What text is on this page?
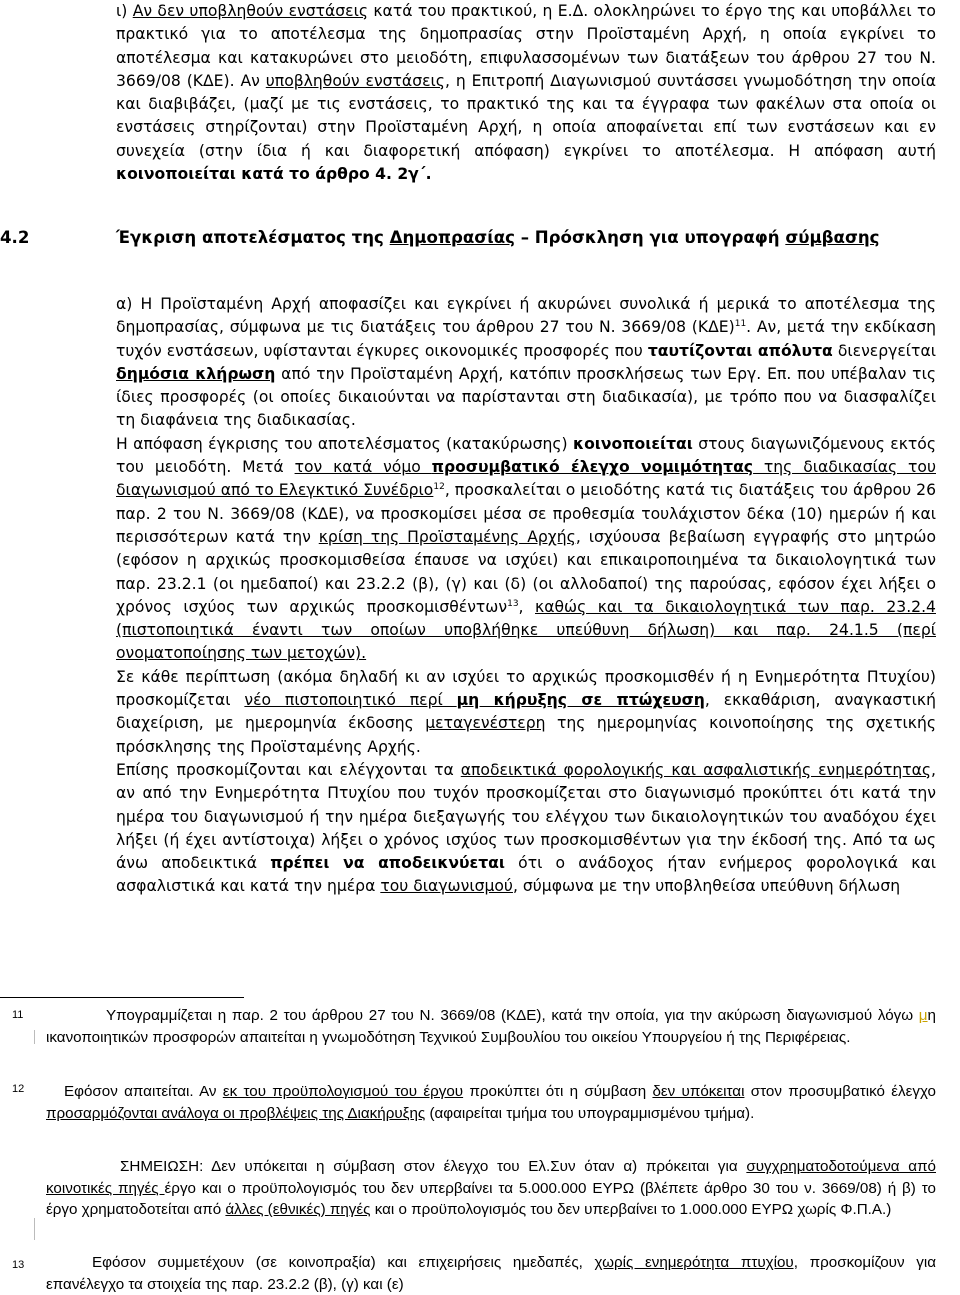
ι) Αν δεν υποβληθούν ενστάσεις κατά του πρακτικού, η Ε.Δ. ολοκληρώνει το έργο της και υποβάλλει το πρακτικό για το αποτέλεσμα της δημοπρασίας στην Προϊσταμένη Αρχή, η οποία εγκρίνει το αποτέλεσμα και κατακυρώνει στο μειοδότη, επιφυλασσομένων των διατάξεων του άρθρου 27 του Ν. 3669/08 (ΚΔΕ). Αν υποβληθούν ενστάσεις, η Επιτροπή Διαγωνισμού συντάσσει γνωμοδότηση την οποία και διαβιβάζει, (μαζί με τις ενστάσεις, το πρακτικό της και τα έγγραφα των φακέλων στα οποία οι ενστάσεις στηρίζονται) στην Προϊσταμένη Αρχή, η οποία αποφαίνεται επί των ενστάσεων και εν συνεχεία (στην ίδια ή και διαφορετική απόφαση) εγκρίνει το αποτέλεσμα. Η απόφαση αυτή κοινοποιείται κατά το άρθρο 4. 2γ΄.

4.2	Έγκριση αποτελέσματος της Δημοπρασίας – Πρόσκληση για υπογραφή σύμβασης

α) Η Προϊσταμένη Αρχή αποφασίζει και εγκρίνει ή ακυρώνει συνολικά ή μερικά το αποτέλεσμα της δημοπρασίας, σύμφωνα με τις διατάξεις του άρθρου 27 του Ν. 3669/08 $(K\Delta E)^{11}$. Αν, μετά την εκδίκαση τυχόν ενστάσεων, υφίστανται έγκυρες οικονομικές προσφορές που ταυτίζονται απόλυτα διενεργείται δημόσια κλήρωση από την Προϊσταμένη Αρχή, κατόπιν προσκλήσεως των Εργ. Επ. που υπέβαλαν τις ίδιες προσφορές (οι οποίες δικαιούνται να παρίστανται στη διαδικασία), με τρόπο που να διασφαλίζει τη διαφάνεια της διαδικασίας.

Η απόφαση έγκρισης του αποτελέσματος (κατακύρωσης) κοινοποιείται στους διαγωνιζόμενους εκτός του μειοδότη. Μετά τον κατά νόμο προσυμβατικό έλεγχο νομιμότητας της διαδικασίας του διαγωνισμού από το Ελεγκτικό Συνέδριο$^{12}$, προσκαλείται ο μειοδότης κατά τις διατάξεις του άρθρου 26 παρ. 2 του Ν. 3669/08 (ΚΔΕ), να προσκομίσει μέσα σε προθεσμία τουλάχιστον δέκα (10) ημερών ή και περισσότερων κατά την κρίση της Προϊσταμένης Αρχής, ισχύουσα βεβαίωση εγγραφής στο μητρώο (εφόσον η αρχικώς προσκομισθείσα έπαυσε να ισχύει) και επικαιροποιημένα τα δικαιολογητικά των παρ. 23.2.1 (οι ημεδαποί) και 23.2.2 (β), (γ) και (δ) (οι αλλοδαποί) της παρούσας, εφόσον έχει λήξει ο χρόνος ισχύος των αρχικώς προσκομισθέντων$^{13}$, καθώς και τα δικαιολογητικά των παρ. 23.2.4 (πιστοποιητικά έναντι των οποίων υποβλήθηκε υπεύθυνη δήλωση) και παρ. 24.1.5 (περί ονοματοποίησης των μετοχών).

Σε κάθε περίπτωση (ακόμα δηλαδή κι αν ισχύει το αρχικώς προσκομισθέν ή η Ενημερότητα Πτυχίου) προσκομίζεται νέο πιστοποιητικό περί μη κήρυξης σε πτώχευση, εκκαθάριση, αναγκαστική διαχείριση, με ημερομηνία έκδοσης μεταγενέστερη της ημερομηνίας κοινοποίησης της σχετικής πρόσκλησης της Προϊσταμένης Αρχής.

Επίσης προσκομίζονται και ελέγχονται τα αποδεικτικά φορολογικής και ασφαλιστικής ενημερότητας, αν από την Ενημερότητα Πτυχίου που τυχόν προσκομίζεται στο διαγωνισμό προκύπτει ότι κατά την ημέρα του διαγωνισμού ή την ημέρα διεξαγωγής του ελέγχου των δικαιολογητικών του αναδόχου έχει λήξει (ή έχει αντίστοιχα) λήξει ο χρόνος ισχύος των προσκομισθέντων για την έκδοσή της. Από τα ως άνω αποδεικτικά πρέπει να αποδεικνύεται ότι ο ανάδοχος ήταν ενήμερος φορολογικά και ασφαλιστικά και κατά την ημέρα του διαγωνισμού, σύμφωνα με την υποβληθείσα υπεύθυνη δήλωση

11	Υπογραμμίζεται η παρ. 2 του άρθρου 27 του Ν. 3669/08 (ΚΔΕ), κατά την οποία, για την ακύρωση διαγωνισμού λόγω μη ικανοποιητικών προσφορών απαιτείται η γνωμοδότηση Τεχνικού Συμβουλίου του οικείου Υπουργείου ή της Περιφέρειας.

12	Εφόσον απαιτείται. Αν εκ του προϋπολογισμού του έργου προκύπτει ότι η σύμβαση δεν υπόκειται στον προσυμβατικό έλεγχο προσαρμόζονται ανάλογα οι προβλέψεις της Διακήρυξης (αφαιρείται τμήμα του υπογραμμισμένου τμήμα).

ΣΗΜΕΙΩΣΗ: Δεν υπόκειται η σύμβαση στον έλεγχο του Ελ.Συν όταν α) πρόκειται για συγχρηματοδοτούμενα από κοινοτικές πηγές έργο και ο προϋπολογισμός του δεν υπερβαίνει τα 5.000.000 ΕΥΡΩ (βλέπετε άρθρο 30 του ν. 3669/08) ή β) το έργο χρηματοδοτείται από άλλες (εθνικές) πηγές και ο προϋπολογισμός του δεν υπερβαίνει το 1.000.000 ΕΥΡΩ χωρίς Φ.Π.Α.)

13	Εφόσον συμμετέχουν (σε κοινοπραξία) και επιχειρήσεις ημεδαπές, χωρίς ενημερότητα πτυχίου, προσκομίζουν για επανέλεγχο τα στοιχεία της παρ. 23.2.2 (β), (γ) και (ε)
